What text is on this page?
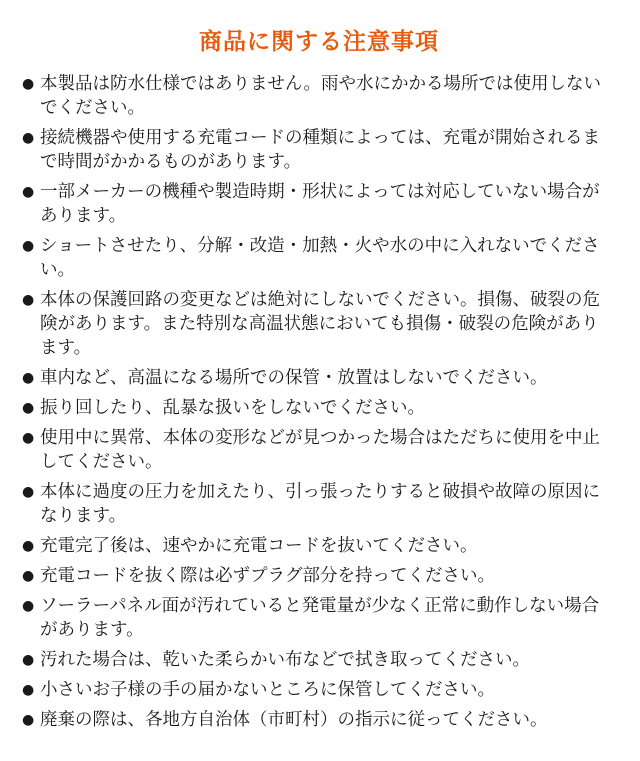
商品に関する注意事項
● 本製品は防水仕様ではありません。雨や水にかかる場所では使用しないでください。
● 接続機器や使用する充電コードの種類によっては、充電が開始されるまで時間がかかるものがあります。
● 一部メーカーの機種や製造時期・形状によっては対応していない場合があります。
● ショートさせたり、分解・改造・加熱・火や水の中に入れないでください。
● 本体の保護回路の変更などは絶対にしないでください。損傷、破裂の危険があります。また特別な高温状態においても損傷・破裂の危険があります。
● 車内など、高温になる場所での保管・放置はしないでください。
● 振り回したり、乱暴な扱いをしないでください。
● 使用中に異常、本体の変形などが見つかった場合はただちに使用を中止してください。
● 本体に過度の圧力を加えたり、引っ張ったりすると破損や故障の原因になります。
● 充電完了後は、速やかに充電コードを抜いてください。
● 充電コードを抜く際は必ずプラグ部分を持ってください。
● ソーラーパネル面が汚れていると発電量が少なく正常に動作しない場合があります。
● 汚れた場合は、乾いた柔らかい布などで拭き取ってください。
● 小さいお子様の手の届かないところに保管してください。
● 廃棄の際は、各地方自治体（市町村）の指示に従ってください。
